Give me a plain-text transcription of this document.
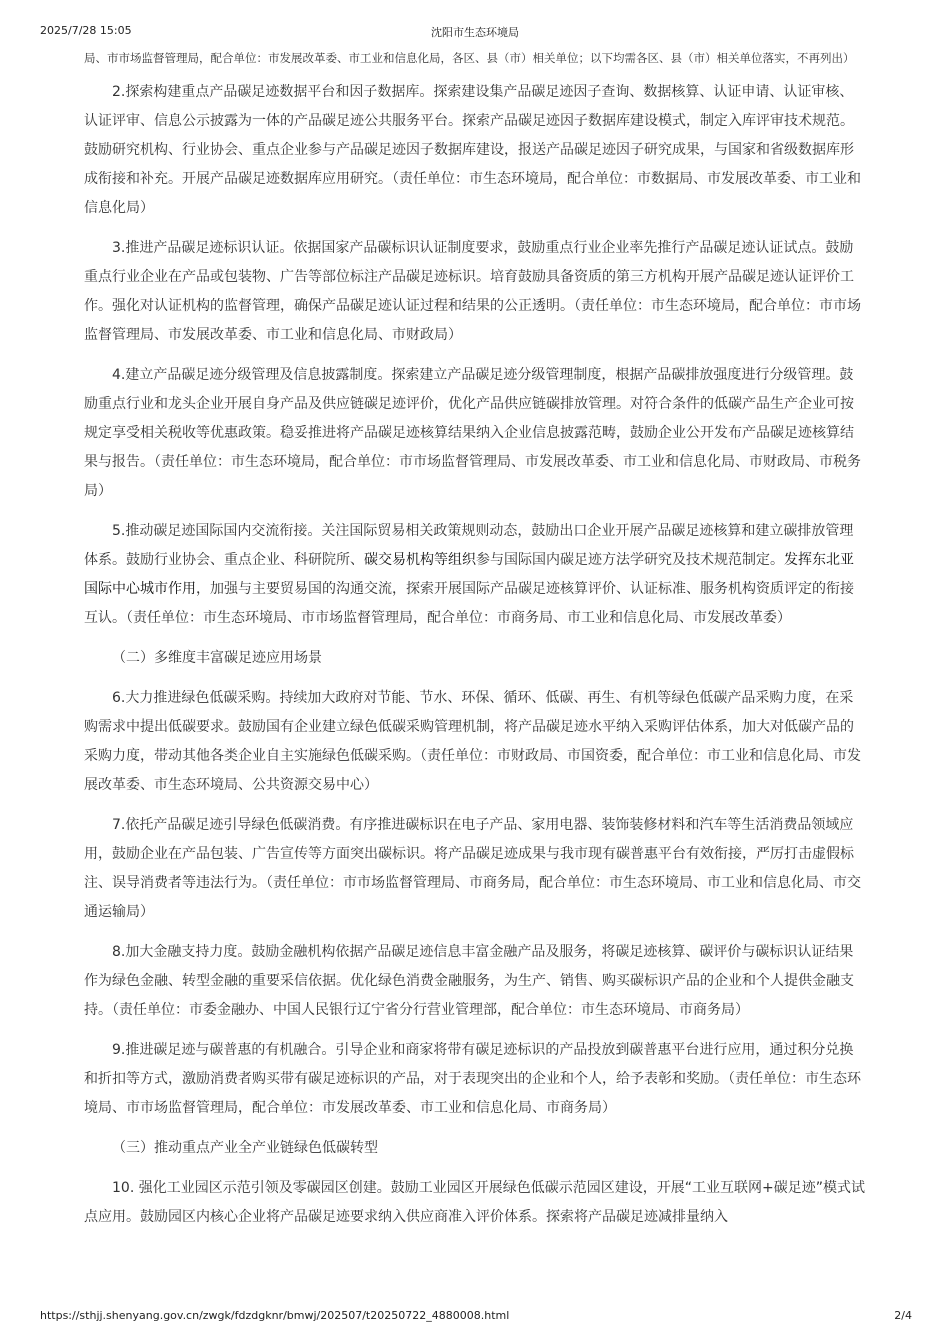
2025/7/28 15:05	沈阳市生态环境局

局、市市场监督管理局，配合单位：市发展改革委、市工业和信息化局，各区、县（市）相关单位；以下均需各区、县（市）相关单位落实，不再列出）

2.探索构建重点产品碳足迹数据平台和因子数据库。探索建设集产品碳足迹因子查询、数据核算、认证申请、认证审核、认证评审、信息公示披露为一体的产品碳足迹公共服务平台。探索产品碳足迹因子数据库建设模式，制定入库评审技术规范。鼓励研究机构、行业协会、重点企业参与产品碳足迹因子数据库建设，报送产品碳足迹因子研究成果，与国家和省级数据库形成衔接和补充。开展产品碳足迹数据库应用研究。（责任单位：市生态环境局，配合单位：市数据局、市发展改革委、市工业和信息化局）

3.推进产品碳足迹标识认证。依据国家产品碳标识认证制度要求，鼓励重点行业企业率先推行产品碳足迹认证试点。鼓励重点行业企业在产品或包装物、广告等部位标注产品碳足迹标识。培育鼓励具备资质的第三方机构开展产品碳足迹认证评价工作。强化对认证机构的监督管理，确保产品碳足迹认证过程和结果的公正透明。（责任单位：市生态环境局，配合单位：市市场监督管理局、市发展改革委、市工业和信息化局、市财政局）

4.建立产品碳足迹分级管理及信息披露制度。探索建立产品碳足迹分级管理制度，根据产品碳排放强度进行分级管理。鼓励重点行业和龙头企业开展自身产品及供应链碳足迹评价，优化产品供应链碳排放管理。对符合条件的低碳产品生产企业可按规定享受相关税收等优惠政策。稳妥推进将产品碳足迹核算结果纳入企业信息披露范畴，鼓励企业公开发布产品碳足迹核算结果与报告。（责任单位：市生态环境局，配合单位：市市场监督管理局、市发展改革委、市工业和信息化局、市财政局、市税务局）

5.推动碳足迹国际国内交流衔接。关注国际贸易相关政策规则动态，鼓励出口企业开展产品碳足迹核算和建立碳排放管理体系。鼓励行业协会、重点企业、科研院所、碳交易机构等组织参与国际国内碳足迹方法学研究及技术规范制定。发挥东北亚国际中心城市作用，加强与主要贸易国的沟通交流，探索开展国际产品碳足迹核算评价、认证标准、服务机构资质评定的衔接互认。（责任单位：市生态环境局、市市场监督管理局，配合单位：市商务局、市工业和信息化局、市发展改革委）

（二）多维度丰富碳足迹应用场景

6.大力推进绿色低碳采购。持续加大政府对节能、节水、环保、循环、低碳、再生、有机等绿色低碳产品采购力度，在采购需求中提出低碳要求。鼓励国有企业建立绿色低碳采购管理机制，将产品碳足迹水平纳入采购评估体系，加大对低碳产品的采购力度，带动其他各类企业自主实施绿色低碳采购。（责任单位：市财政局、市国资委，配合单位：市工业和信息化局、市发展改革委、市生态环境局、公共资源交易中心）

7.依托产品碳足迹引导绿色低碳消费。有序推进碳标识在电子产品、家用电器、装饰装修材料和汽车等生活消费品领域应用，鼓励企业在产品包装、广告宣传等方面突出碳标识。将产品碳足迹成果与我市现有碳普惠平台有效衔接，严厉打击虚假标注、误导消费者等违法行为。（责任单位：市市场监督管理局、市商务局，配合单位：市生态环境局、市工业和信息化局、市交通运输局）

8.加大金融支持力度。鼓励金融机构依据产品碳足迹信息丰富金融产品及服务，将碳足迹核算、碳评价与碳标识认证结果作为绿色金融、转型金融的重要采信依据。优化绿色消费金融服务，为生产、销售、购买碳标识产品的企业和个人提供金融支持。（责任单位：市委金融办、中国人民银行辽宁省分行营业管理部，配合单位：市生态环境局、市商务局）

9.推进碳足迹与碳普惠的有机融合。引导企业和商家将带有碳足迹标识的产品投放到碳普惠平台进行应用，通过积分兑换和折扣等方式，激励消费者购买带有碳足迹标识的产品，对于表现突出的企业和个人，给予表彰和奖励。（责任单位：市生态环境局、市市场监督管理局，配合单位：市发展改革委、市工业和信息化局、市商务局）

（三）推动重点产业全产业链绿色低碳转型

10. 强化工业园区示范引领及零碳园区创建。鼓励工业园区开展绿色低碳示范园区建设，开展“工业互联网+碳足迹”模式试点应用。鼓励园区内核心企业将产品碳足迹要求纳入供应商准入评价体系。探索将产品碳足迹减排量纳入

https://sthjj.shenyang.gov.cn/zwgk/fdzdgknr/bmwj/202507/t20250722_4880008.html	2/4
